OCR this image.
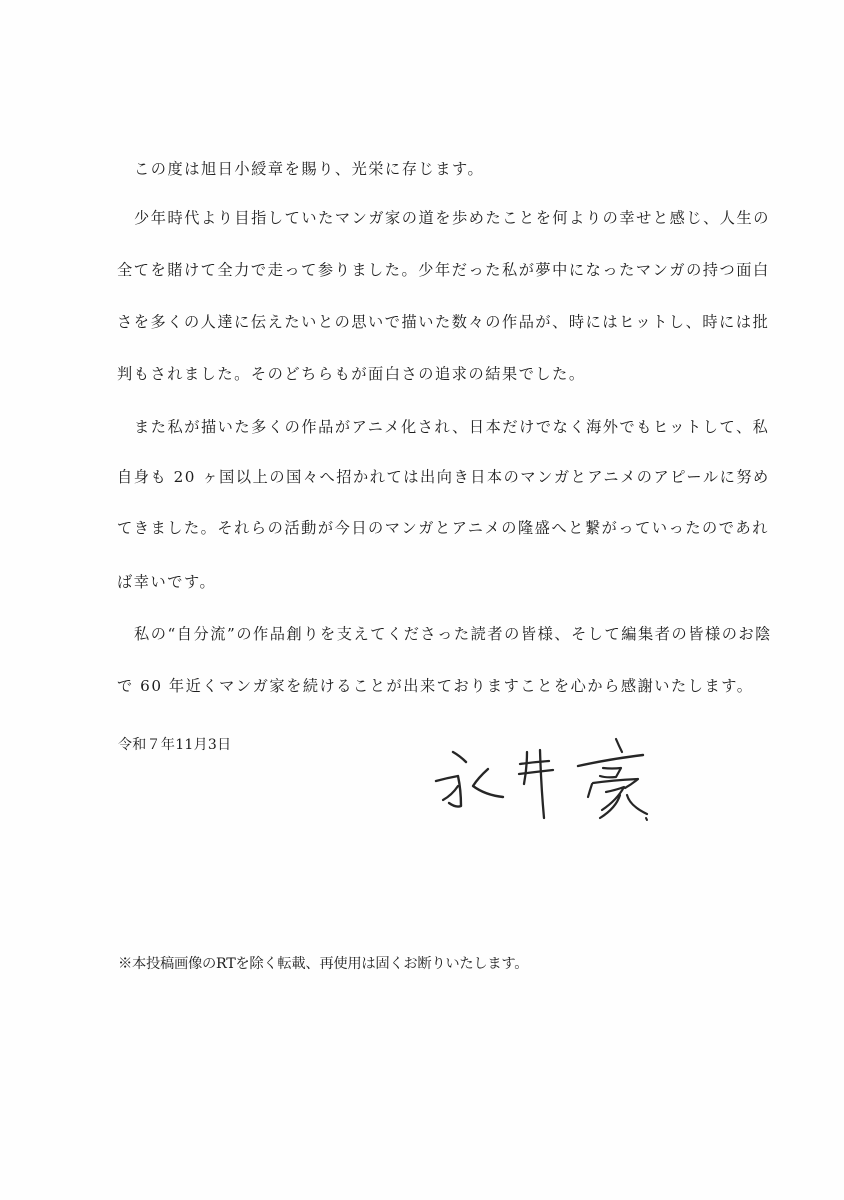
この度は旭日小綬章を賜り、光栄に存じます。
少年時代より目指していたマンガ家の道を歩めたことを何よりの幸せと感じ、人生の
全てを賭けて全力で走って参りました。少年だった私が夢中になったマンガの持つ面白
さを多くの人達に伝えたいとの思いで描いた数々の作品が、時にはヒットし、時には批
判もされました。そのどちらもが面白さの追求の結果でした。
また私が描いた多くの作品がアニメ化され、日本だけでなく海外でもヒットして、私
自身も 20 ヶ国以上の国々へ招かれては出向き日本のマンガとアニメのアピールに努め
てきました。それらの活動が今日のマンガとアニメの隆盛へと繋がっていったのであれ
ば幸いです。
私の“自分流”の作品創りを支えてくださった読者の皆様、そして編集者の皆様のお陰
で 60 年近くマンガ家を続けることが出来ておりますことを心から感謝いたします。
令和７年11月3日
※本投稿画像のRTを除く転載、再使用は固くお断りいたします。
